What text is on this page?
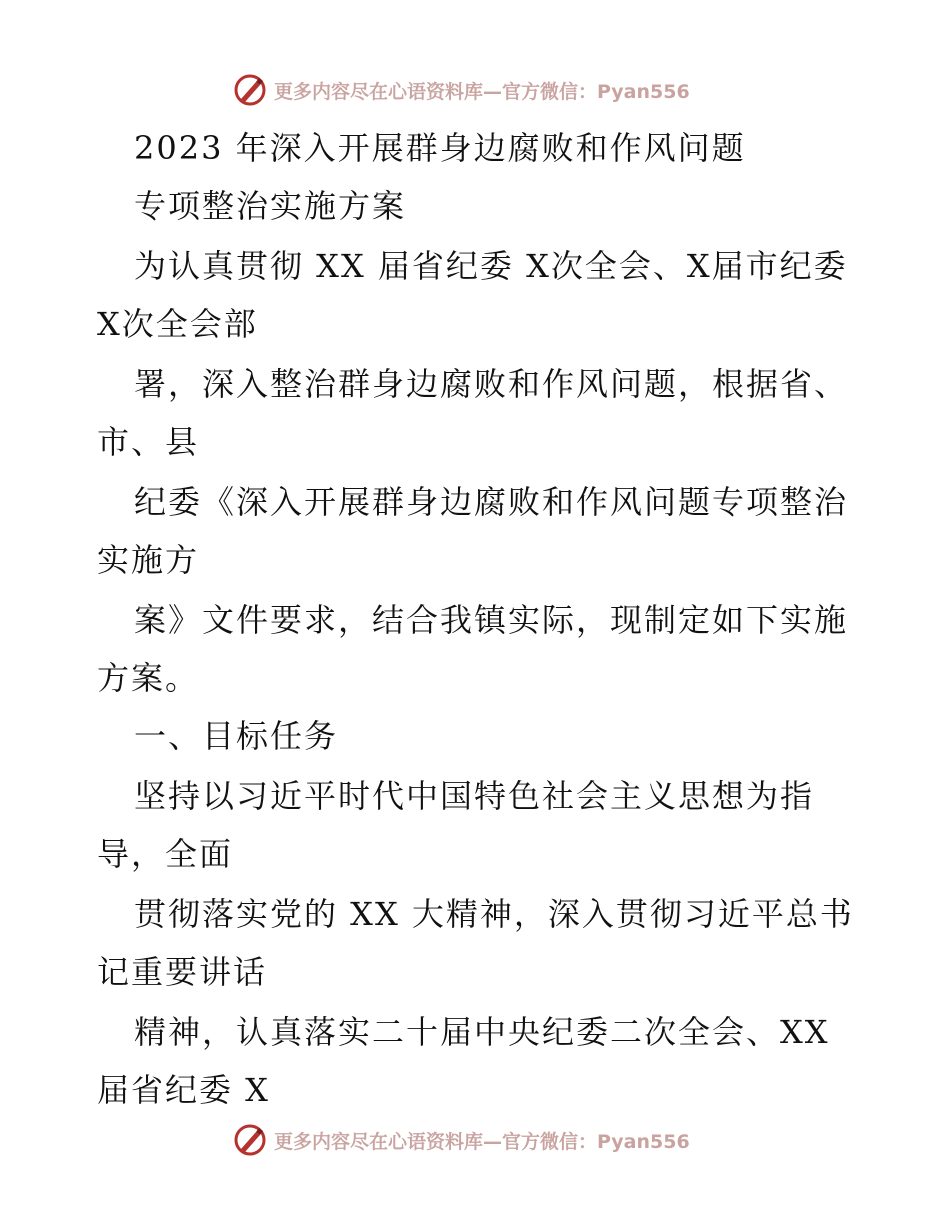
更多内容尽在心语资料库—官方微信：Pyan556
2023 年深入开展群身边腐败和作风问题
专项整治实施方案
为认真贯彻 XX 届省纪委 X次全会、X届市纪委
X次全会部
署，深入整治群身边腐败和作风问题，根据省、
市、县
纪委《深入开展群身边腐败和作风问题专项整治
实施方
案》文件要求，结合我镇实际，现制定如下实施
方案。
一、目标任务
坚持以习近平时代中国特色社会主义思想为指
导，全面
贯彻落实党的 XX 大精神，深入贯彻习近平总书
记重要讲话
精神，认真落实二十届中央纪委二次全会、XX
届省纪委 X
更多内容尽在心语资料库—官方微信：Pyan556
